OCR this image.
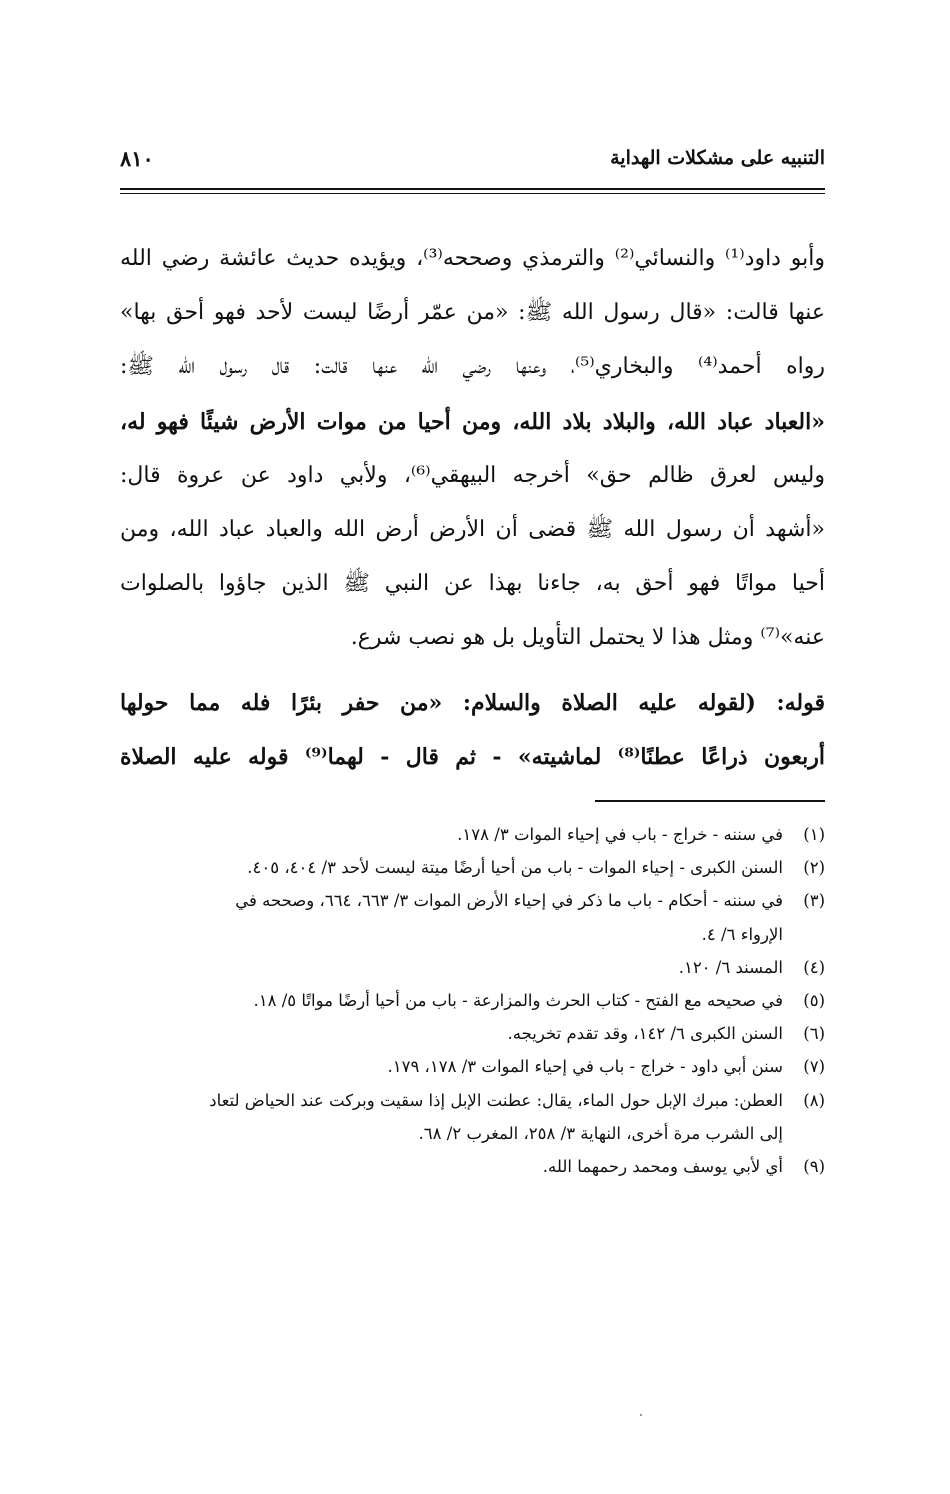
التنبيه على مشكلات الهداية
٨١٠
وأبو داود⁽¹⁾ والنسائي⁽²⁾ والترمذي وصححه⁽³⁾، ويؤيده حديث عائشة رضي الله
عنها قالت: «قال رسول الله ﷺ: «من عمّر أرضًا ليست لأحد فهو أحق بها»
رواه أحمد⁽⁴⁾ والبخاري⁽⁵⁾، وعنها رضي الله عنها قالت: قال رسول الله ﷺ:
«العباد عباد الله، والبلاد بلاد الله، ومن أحيا من موات الأرض شيئًا فهو له،
وليس لعرق ظالم حق» أخرجه البيهقي⁽⁶⁾، ولأبي داود عن عروة قال:
«أشهد أن رسول الله ﷺ قضى أن الأرض أرض الله والعباد عباد الله، ومن
أحيا مواتًا فهو أحق به، جاءنا بهذا عن النبي ﷺ الذين جاؤوا بالصلوات
عنه»⁽⁷⁾ ومثل هذا لا يحتمل التأويل بل هو نصب شرع.
قوله: (لقوله عليه الصلاة والسلام: «من حفر بئرًا فله مما حولها
أربعون ذراعًا عطنًا⁽⁸⁾ لماشيته» - ثم قال - لهما⁽⁹⁾ قوله عليه الصلاة
(١)
في سننه - خراج - باب في إحياء الموات ٣/ ١٧٨.
(٢)
السنن الكبرى - إحياء الموات - باب من أحيا أرضًا ميتة ليست لأحد ٣/ ٤٠٤، ٤٠٥.
(٣)
في سننه - أحكام - باب ما ذكر في إحياء الأرض الموات ٣/ ٦٦٣، ٦٦٤، وصححه في
الإرواء ٦/ ٤.
(٤)
المسند ٦/ ١٢٠.
(٥)
في صحيحه مع الفتح - كتاب الحرث والمزارعة - باب من أحيا أرضًا مواتًا ٥/ ١٨.
(٦)
السنن الكبرى ٦/ ١٤٢، وقد تقدم تخريجه.
(٧)
سنن أبي داود - خراج - باب في إحياء الموات ٣/ ١٧٨، ١٧٩.
(٨)
العطن: مبرك الإبل حول الماء، يقال: عطنت الإبل إذا سقيت وبركت عند الحياض لتعاد
إلى الشرب مرة أخرى، النهاية ٣/ ٢٥٨، المغرب ٢/ ٦٨.
(٩)
أي لأبي يوسف ومحمد رحمهما الله.
